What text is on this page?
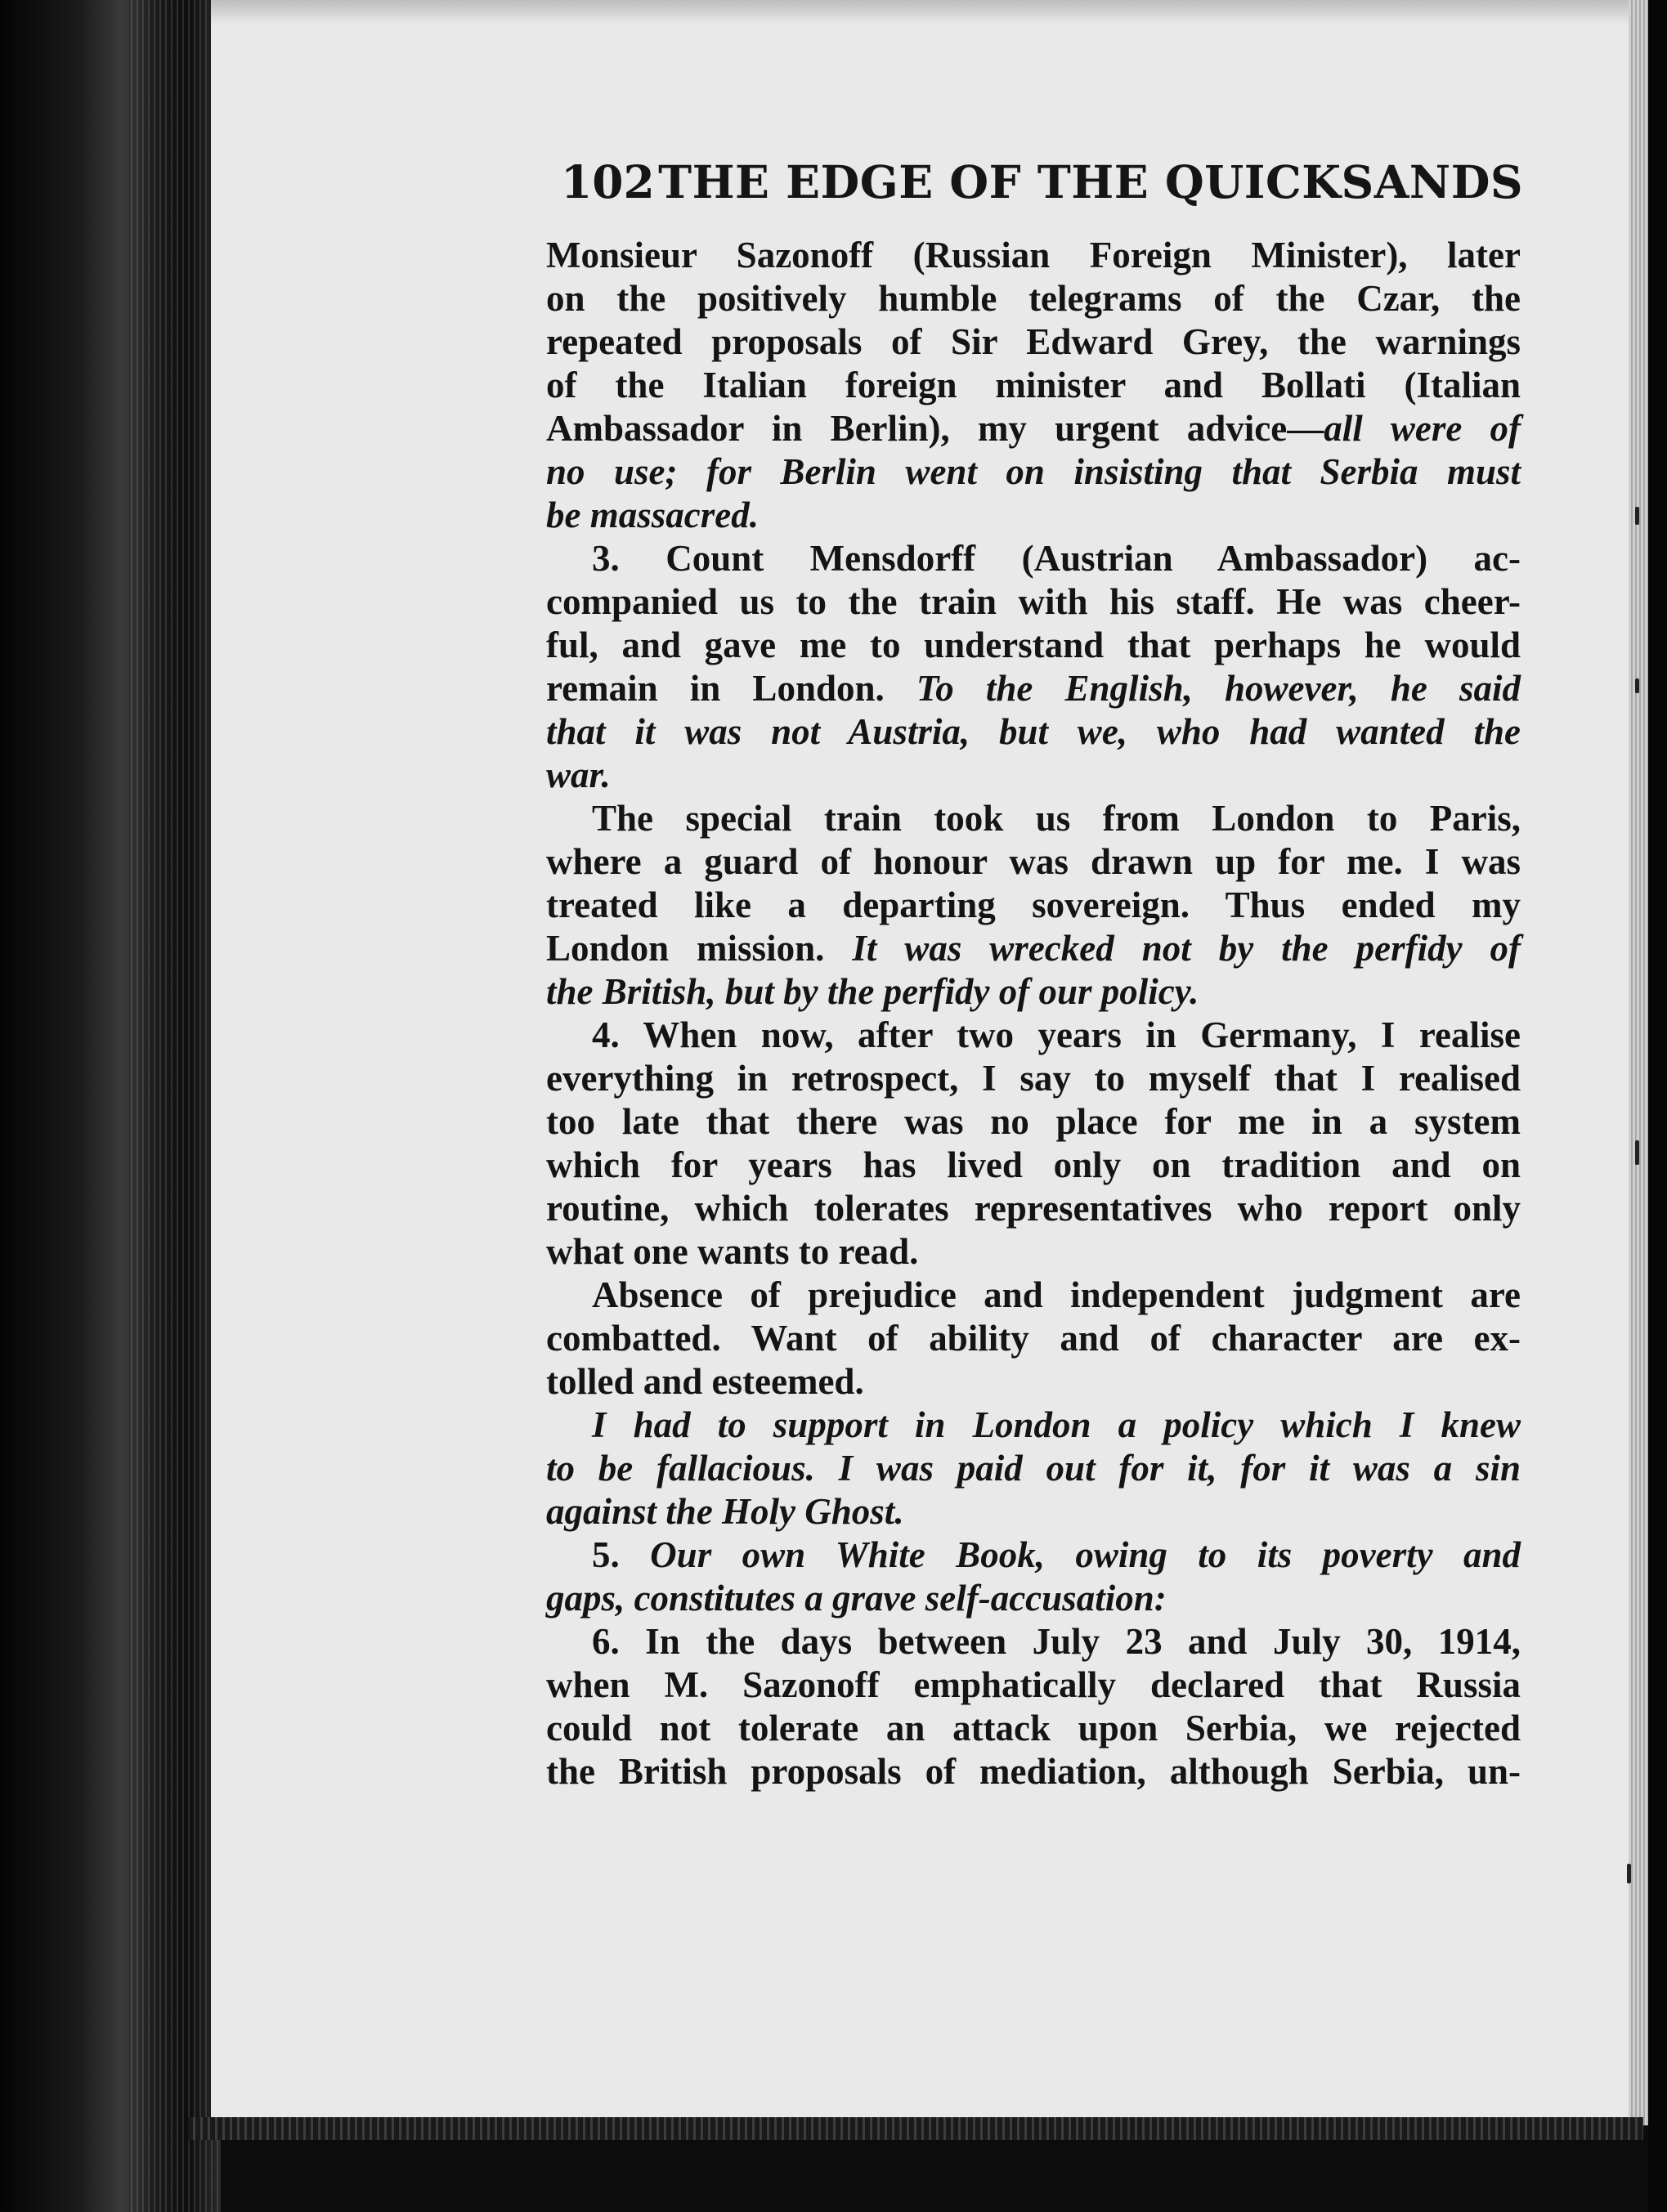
102 THE EDGE OF THE QUICKSANDS
Monsieur Sazonoff (Russian Foreign Minister), later
on the positively humble telegrams of the Czar, the
repeated proposals of Sir Edward Grey, the warnings
of the Italian foreign minister and Bollati (Italian
Ambassador in Berlin), my urgent advice—all were of
no use; for Berlin went on insisting that Serbia must
be massacred.
3. Count Mensdorff (Austrian Ambassador) ac-
companied us to the train with his staff. He was cheer-
ful, and gave me to understand that perhaps he would
remain in London. To the English, however, he said
that it was not Austria, but we, who had wanted the
war.
The special train took us from London to Paris,
where a guard of honour was drawn up for me. I was
treated like a departing sovereign. Thus ended my
London mission. It was wrecked not by the perfidy of
the British, but by the perfidy of our policy.
4. When now, after two years in Germany, I realise
everything in retrospect, I say to myself that I realised
too late that there was no place for me in a system
which for years has lived only on tradition and on
routine, which tolerates representatives who report only
what one wants to read.
Absence of prejudice and independent judgment are
combatted. Want of ability and of character are ex-
tolled and esteemed.
I had to support in London a policy which I knew
to be fallacious. I was paid out for it, for it was a sin
against the Holy Ghost.
5. Our own White Book, owing to its poverty and
gaps, constitutes a grave self-accusation:
6. In the days between July 23 and July 30, 1914,
when M. Sazonoff emphatically declared that Russia
could not tolerate an attack upon Serbia, we rejected
the British proposals of mediation, although Serbia, un-
